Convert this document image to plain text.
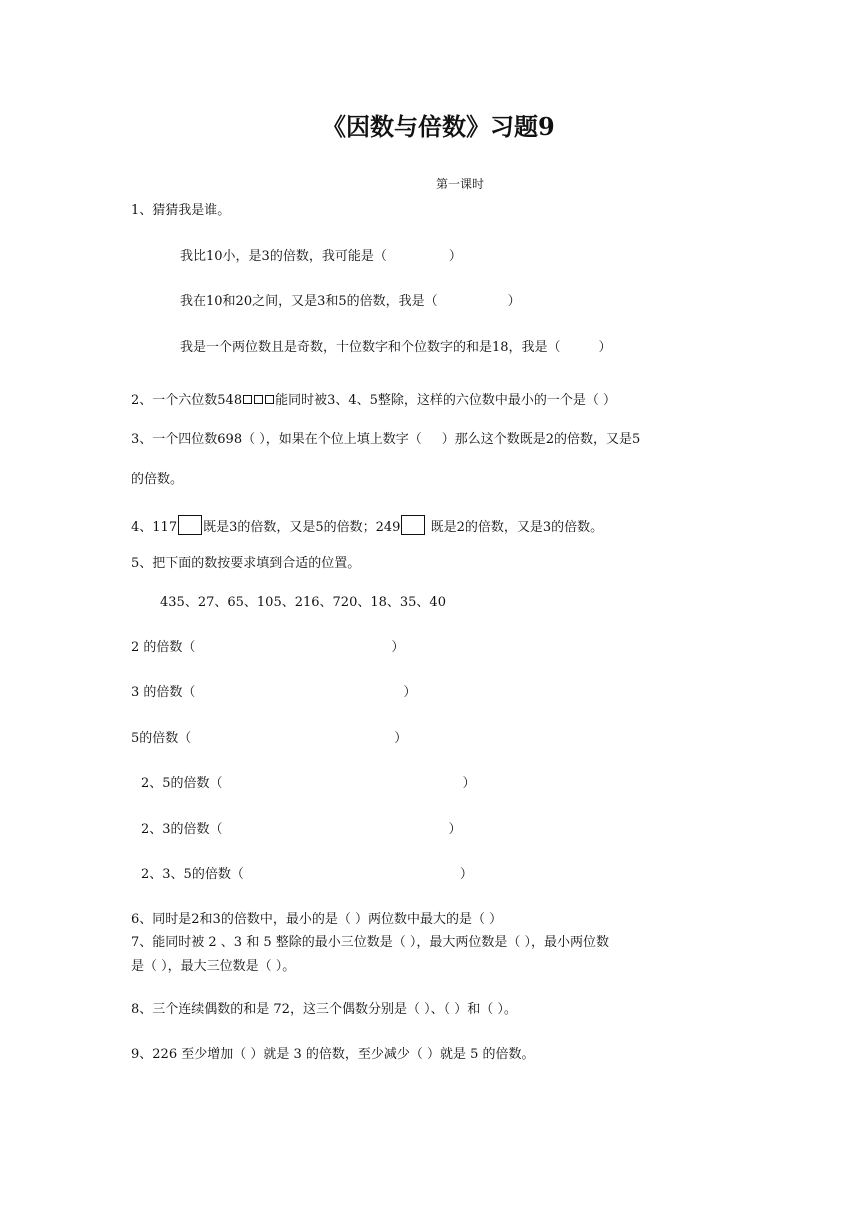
《因数与倍数》习题9
第一课时
1、猜猜我是谁。
我比10小，是3的倍数，我可能是（	）
我在10和20之间，又是3和5的倍数，我是（	）
我是一个两位数且是奇数，十位数字和个位数字的和是18，我是（	）
2、一个六位数548	能同时被3、4、5整除，这样的六位数中最小的一个是（ ）
3、一个四位数698（ ），如果在个位上填上数字（ ）那么这个数既是2的倍数，又是5
的倍数。
4、117 既是3的倍数，又是5的倍数；249 既是2的倍数，又是3的倍数。
5、把下面的数按要求填到合适的位置。
435、27、65、105、216、720、18、35、40
2 的倍数（	）
3 的倍数（	）
5的倍数（	）
2、5的倍数（	）
2、3的倍数（	）
2、3、5的倍数（	）
6、同时是2和3的倍数中，最小的是（ ）两位数中最大的是（ ）
7、能同时被 2 、3 和 5 整除的最小三位数是（ ），最大两位数是（ ），最小两位数
是（ ），最大三位数是（ ）。
8、三个连续偶数的和是 72，这三个偶数分别是（ ）、（ ）和（ ）。
9、226 至少增加（ ）就是 3 的倍数，至少减少（ ）就是 5 的倍数。
